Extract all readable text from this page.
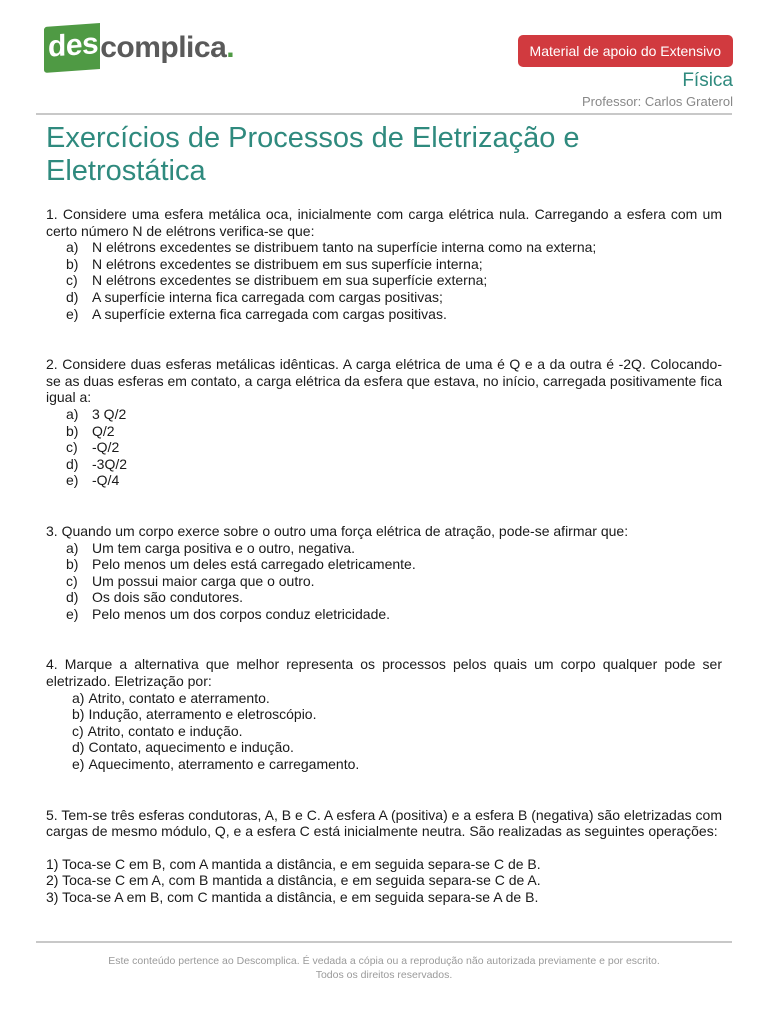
des complica .	Material de apoio do Extensivo
Física
Professor: Carlos Graterol
Exercícios de Processos de Eletrização e Eletrostática

1. Considere uma esfera metálica oca, inicialmente com carga elétrica nula. Carregando a esfera com um certo número N de elétrons verifica-se que:

a) N elétrons excedentes se distribuem tanto na superfície interna como na externa;
b) N elétrons excedentes se distribuem em sus superfície interna;
c)	N elétrons excedentes se distribuem em sua superfície externa;
d) A superfície interna fica carregada com cargas positivas;
e) A superfície externa fica carregada com cargas positivas.

2. Considere duas esferas metálicas idênticas. A carga elétrica de uma é Q e a da outra é -2Q. Colocando-se as duas esferas em contato, a carga elétrica da esfera que estava, no início, carregada positivamente fica igual a:

a) 3 Q/2
b) Q/2
c)	-Q/2
d) -3Q/2
e) -Q/4

3. Quando um corpo exerce sobre o outro uma força elétrica de atração, pode-se afirmar que:

a) Um tem carga positiva e o outro, negativa.
b) Pelo menos um deles está carregado eletricamente.
c)	Um possui maior carga que o outro.
d) Os dois são condutores.
e) Pelo menos um dos corpos conduz eletricidade.

4. Marque a alternativa que melhor representa os processos pelos quais um corpo qualquer pode ser eletrizado. Eletrização por:

a) Atrito, contato e aterramento.
b) Indução, aterramento e eletroscópio.
c) Atrito, contato e indução.
d) Contato, aquecimento e indução.
e) Aquecimento, aterramento e carregamento.

5. Tem-se três esferas condutoras, A, B e C. A esfera A (positiva) e a esfera B (negativa) são eletrizadas com cargas de mesmo módulo, Q, e a esfera C está inicialmente neutra. São realizadas as seguintes operações:

1) Toca-se C em B, com A mantida a distância, e em seguida separa-se C de B.
2) Toca-se C em A, com B mantida a distância, e em seguida separa-se C de A.
3) Toca-se A em B, com C mantida a distância, e em seguida separa-se A de B.
Este conteúdo pertence ao Descomplica. É vedada a cópia ou a reprodução não autorizada previamente e por escrito.
Todos os direitos reservados.
